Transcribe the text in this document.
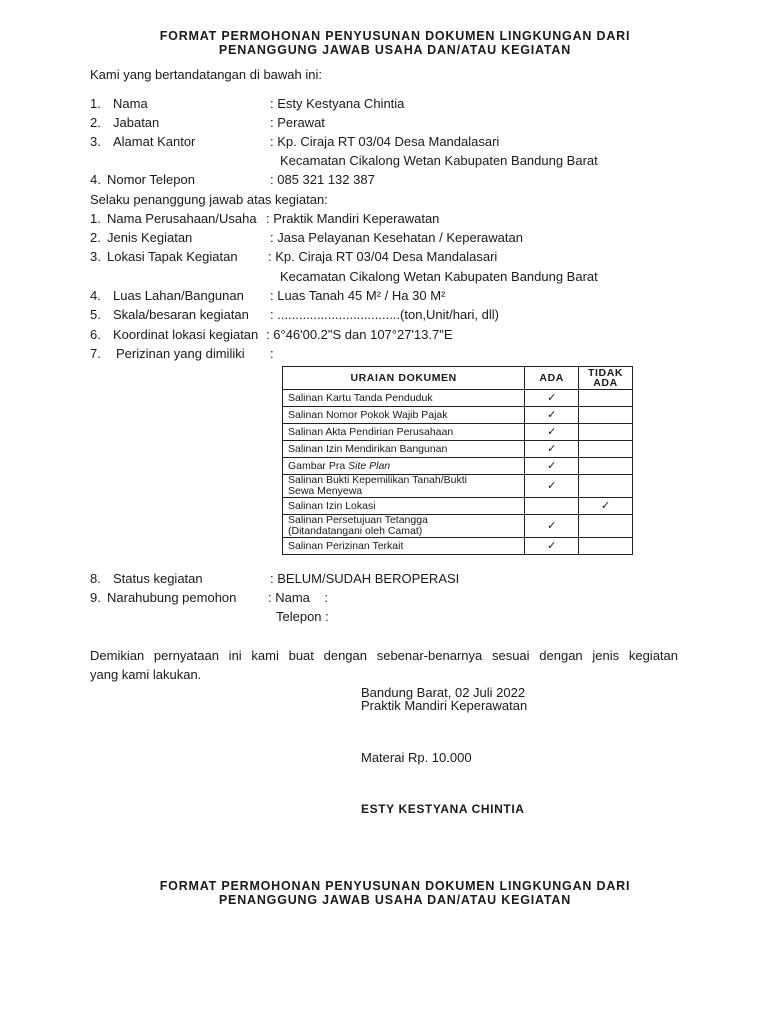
FORMAT PERMOHONAN PENYUSUNAN DOKUMEN LINGKUNGAN DARI
PENANGGUNG JAWAB USAHA DAN/ATAU KEGIATAN
Kami yang bertandatangan di bawah ini:
1. Nama	: Esty Kestyana Chintia
2. Jabatan	: Perawat
3. Alamat Kantor	: Kp. Ciraja RT 03/04 Desa Mandalasari
Kecamatan Cikalong Wetan Kabupaten Bandung Barat
4. Nomor Telepon	: 085 321 132 387
Selaku penanggung jawab atas kegiatan:
1. Nama Perusahaan/Usaha : Praktik Mandiri Keperawatan
2. Jenis Kegiatan	: Jasa Pelayanan Kesehatan / Keperawatan
3. Lokasi Tapak Kegiatan : Kp. Ciraja RT 03/04 Desa Mandalasari
Kecamatan Cikalong Wetan Kabupaten Bandung Barat
4. Luas Lahan/Bangunan : Luas Tanah 45 M² / Ha 30 M²
5. Skala/besaran kegiatan : ..................................(ton,Unit/hari, dll)
6. Koordinat lokasi kegiatan : 6°46'00.2"S dan 107°27'13.7"E
7. Perizinan yang dimiliki :
URAIAN DOKUMEN	ADA	TIDAK
ADA
Salinan Kartu Tanda Penduduk	✓	
Salinan Nomor Pokok Wajib Pajak	✓	
Salinan Akta Pendirian Perusahaan	✓	
Salinan Izin Mendirikan Bangunan	✓	
Gambar Pra Site Plan	✓	
Salinan Bukti Kepemilikan Tanah/Bukti
Sewa Menyewa	✓	
Salinan Izin Lokasi		✓
Salinan Persetujuan Tetangga
(Ditandatangani oleh Camat)	✓	
Salinan Perizinan Terkait	✓	
8. Status kegiatan	: BELUM/SUDAH BEROPERASI
9. Narahubung pemohon : Nama    :
Telepon :
Demikian pernyataan ini kami buat dengan sebenar-benarnya sesuai dengan jenis kegiatan
yang kami lakukan.
Bandung Barat, 02 Juli 2022
Praktik Mandiri Keperawatan
Materai Rp. 10.000
ESTY KESTYANA CHINTIA
FORMAT PERMOHONAN PENYUSUNAN DOKUMEN LINGKUNGAN DARI
PENANGGUNG JAWAB USAHA DAN/ATAU KEGIATAN
